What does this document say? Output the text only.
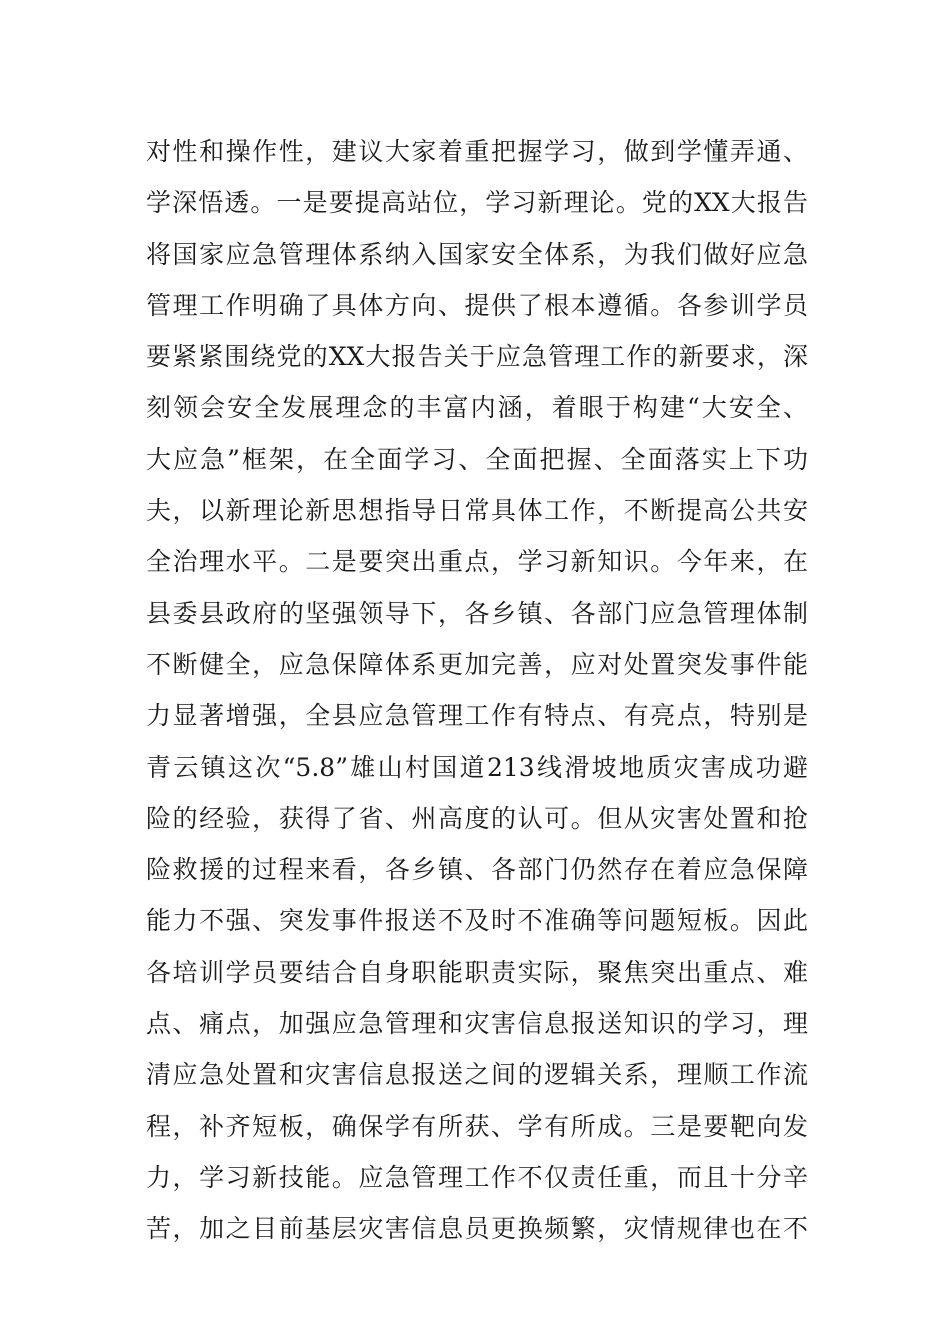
对性和操作性，建议大家着重把握学习，做到学懂弄通、
学深悟透。一是要提高站位，学习新理论。党的XX大报告
将国家应急管理体系纳入国家安全体系，为我们做好应急
管理工作明确了具体方向、提供了根本遵循。各参训学员
要紧紧围绕党的XX大报告关于应急管理工作的新要求，深
刻领会安全发展理念的丰富内涵，着眼于构建“大安全、
大应急”框架，在全面学习、全面把握、全面落实上下功
夫，以新理论新思想指导日常具体工作，不断提高公共安
全治理水平。二是要突出重点，学习新知识。今年来，在
县委县政府的坚强领导下，各乡镇、各部门应急管理体制
不断健全，应急保障体系更加完善，应对处置突发事件能
力显著增强，全县应急管理工作有特点、有亮点，特别是
青云镇这次“5.8”雄山村国道213线滑坡地质灾害成功避
险的经验，获得了省、州高度的认可。但从灾害处置和抢
险救援的过程来看，各乡镇、各部门仍然存在着应急保障
能力不强、突发事件报送不及时不准确等问题短板。因此
各培训学员要结合自身职能职责实际，聚焦突出重点、难
点、痛点，加强应急管理和灾害信息报送知识的学习，理
清应急处置和灾害信息报送之间的逻辑关系，理顺工作流
程，补齐短板，确保学有所获、学有所成。三是要靶向发
力，学习新技能。应急管理工作不仅责任重，而且十分辛
苦，加之目前基层灾害信息员更换频繁，灾情规律也在不
